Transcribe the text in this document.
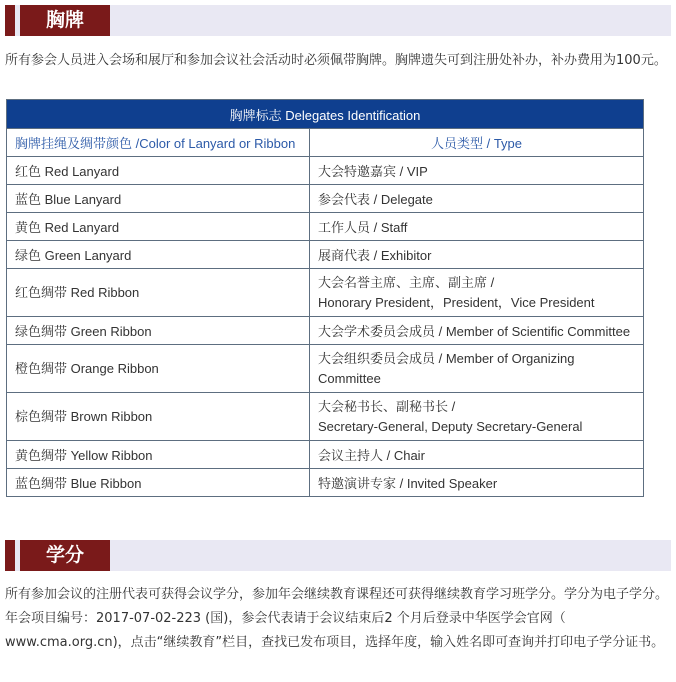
胸牌
所有参会人员进入会场和展厅和参加会议社会活动时必须佩带胸牌。胸牌遗失可到注册处补办，补办费用为100元。
胸牌标志 Delegates Identification	
胸牌挂绳及绸带颜色 /Color of Lanyard or Ribbon	人员类型 / Type
红色 Red Lanyard	大会特邀嘉宾 / VIP
蓝色 Blue Lanyard	参会代表 / Delegate
黄色 Red Lanyard	工作人员 / Staff
绿色 Green Lanyard	展商代表 / Exhibitor
红色绸带 Red Ribbon	大会名誉主席、主席、副主席 /
Honorary President，President，Vice President

绿色绸带 Green Ribbon	大会学术委员会成员 / Member of Scientific Committee
橙色绸带 Orange Ribbon	大会组织委员会成员 / Member of Organizing
Committee

棕色绸带 Brown Ribbon	大会秘书长、副秘书长 /
Secretary-General, Deputy Secretary-General

黄色绸带 Yellow Ribbon	会议主持人 / Chair
蓝色绸带 Blue Ribbon	特邀演讲专家 / Invited Speaker
学分
所有参加会议的注册代表可获得会议学分，参加年会继续教育课程还可获得继续教育学习班学分。学分为电子学分。年会项目编号：2017-07-02-223 (国)，参会代表请于会议结束后2 个月后登录中华医学会官网（ www.cma.org.cn)，点击“继续教育”栏目，查找已发布项目，选择年度，输入姓名即可查询并打印电子学分证书。
